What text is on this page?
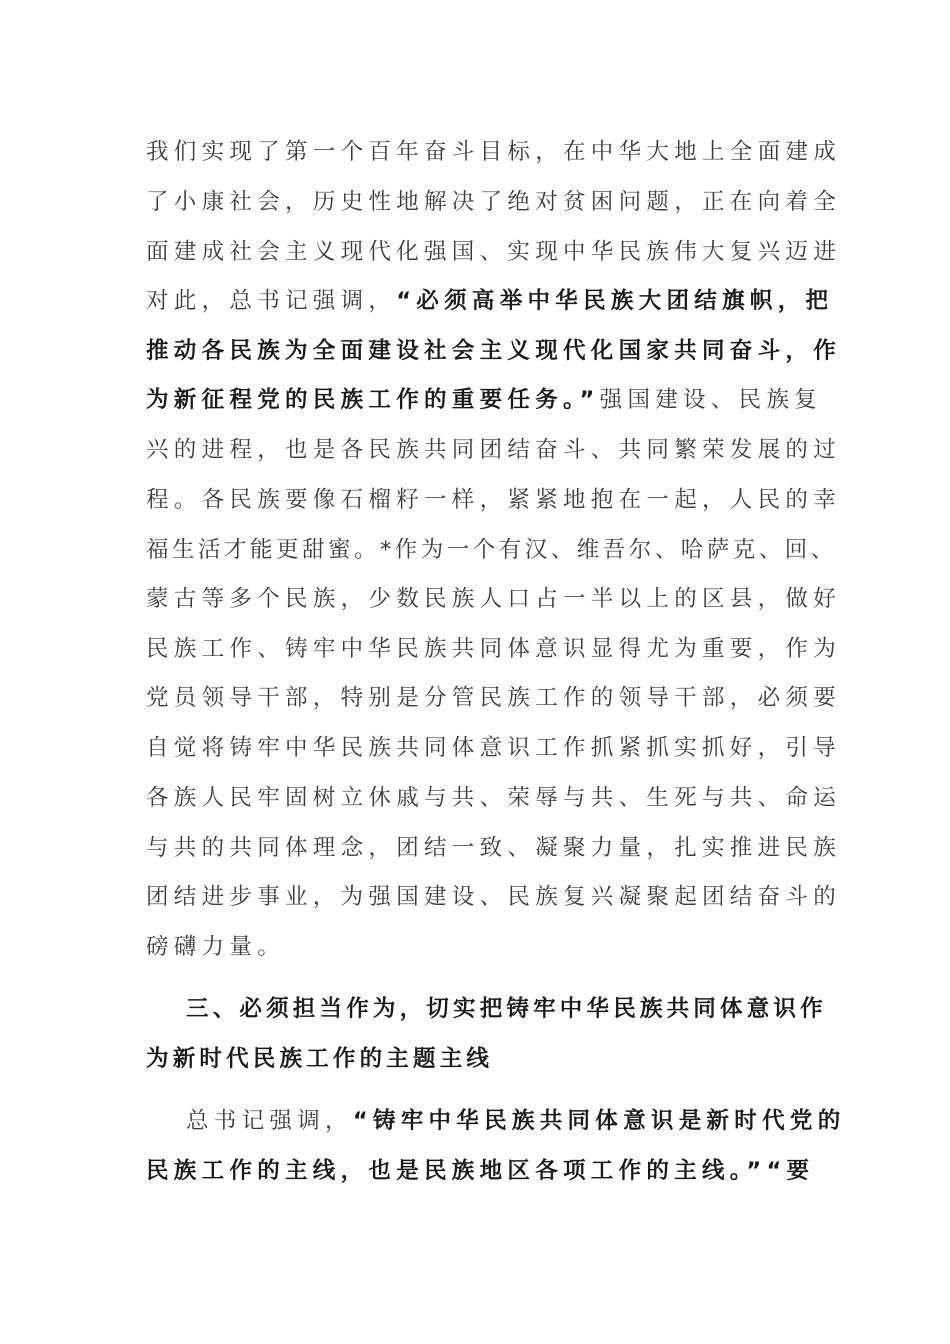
我们实现了第一个百年奋斗目标，在中华大地上全面建成
了小康社会，历史性地解决了绝对贫困问题，正在向着全
面建成社会主义现代化强国、实现中华民族伟大复兴迈进
对此，总书记强调，“必须高举中华民族大团结旗帜，把
推动各民族为全面建设社会主义现代化国家共同奋斗，作
为新征程党的民族工作的重要任务。”强国建设、民族复
兴的进程，也是各民族共同团结奋斗、共同繁荣发展的过
程。各民族要像石榴籽一样，紧紧地抱在一起，人民的幸
福生活才能更甜蜜。*作为一个有汉、维吾尔、哈萨克、回、
蒙古等多个民族，少数民族人口占一半以上的区县，做好
民族工作、铸牢中华民族共同体意识显得尤为重要，作为
党员领导干部，特别是分管民族工作的领导干部，必须要
自觉将铸牢中华民族共同体意识工作抓紧抓实抓好，引导
各族人民牢固树立休戚与共、荣辱与共、生死与共、命运
与共的共同体理念，团结一致、凝聚力量，扎实推进民族
团结进步事业，为强国建设、民族复兴凝聚起团结奋斗的
磅礴力量。
三、必须担当作为，切实把铸牢中华民族共同体意识作
为新时代民族工作的主题主线
总书记强调，“铸牢中华民族共同体意识是新时代党的
民族工作的主线，也是民族地区各项工作的主线。”“要
